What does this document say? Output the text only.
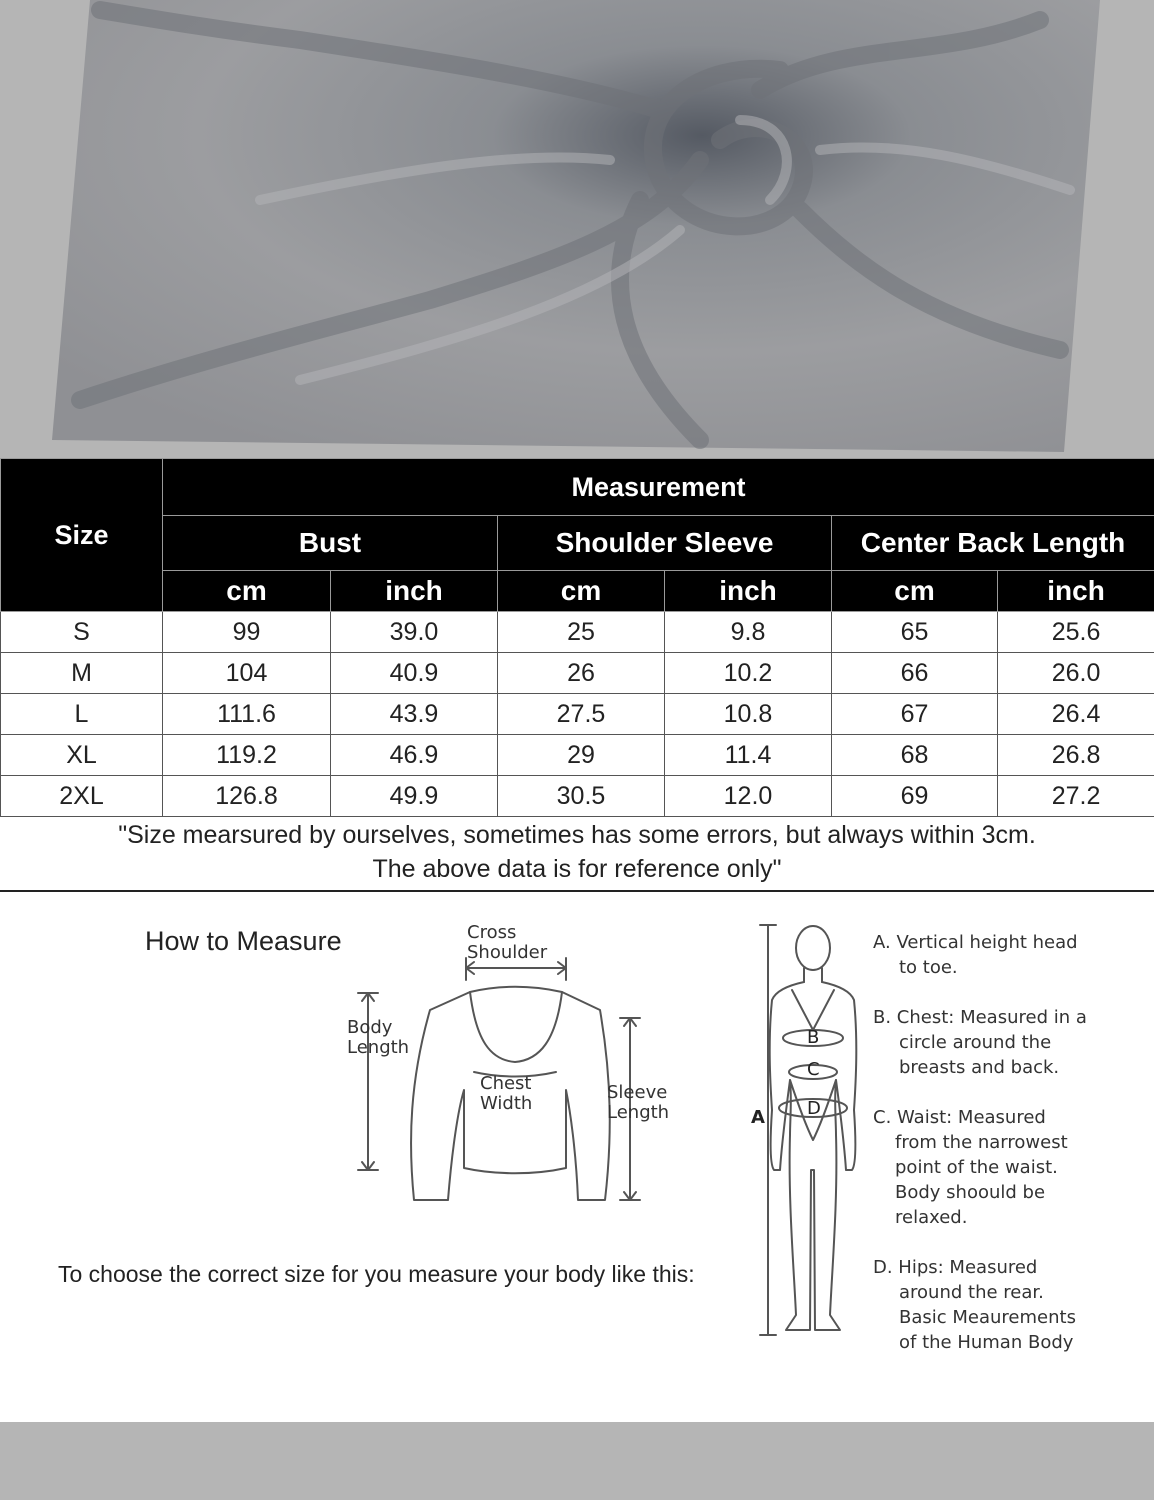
Size	Measurement					
	Bust		Shoulder Sleeve		Center Back Length	
	cm	inch	cm	inch	cm	inch
S	99	39.0	25	9.8	65	25.6
M	104	40.9	26	10.2	66	26.0
L	111.6	43.9	27.5	10.8	67	26.4
XL	119.2	46.9	29	11.4	68	26.8
2XL	126.8	49.9	30.5	12.0	69	27.2
"Size mearsured by ourselves, sometimes has some errors, but always within 3cm.
The above data is for reference only"
How to Measure	Cross
Shoulder
Body
Length
Chest
Width
Sleeve
Length	A
B
C
D
A. Vertical height head
to toe.
B. Chest: Measured in a
circle around the
breasts and back.
C. Waist: Measured
from the narrowest
point of the waist.
Body shoould be
relaxed.
D. Hips: Measured
around the rear.
Basic Meaurements
of the Human Body
To choose the correct size for you measure your body like this:
